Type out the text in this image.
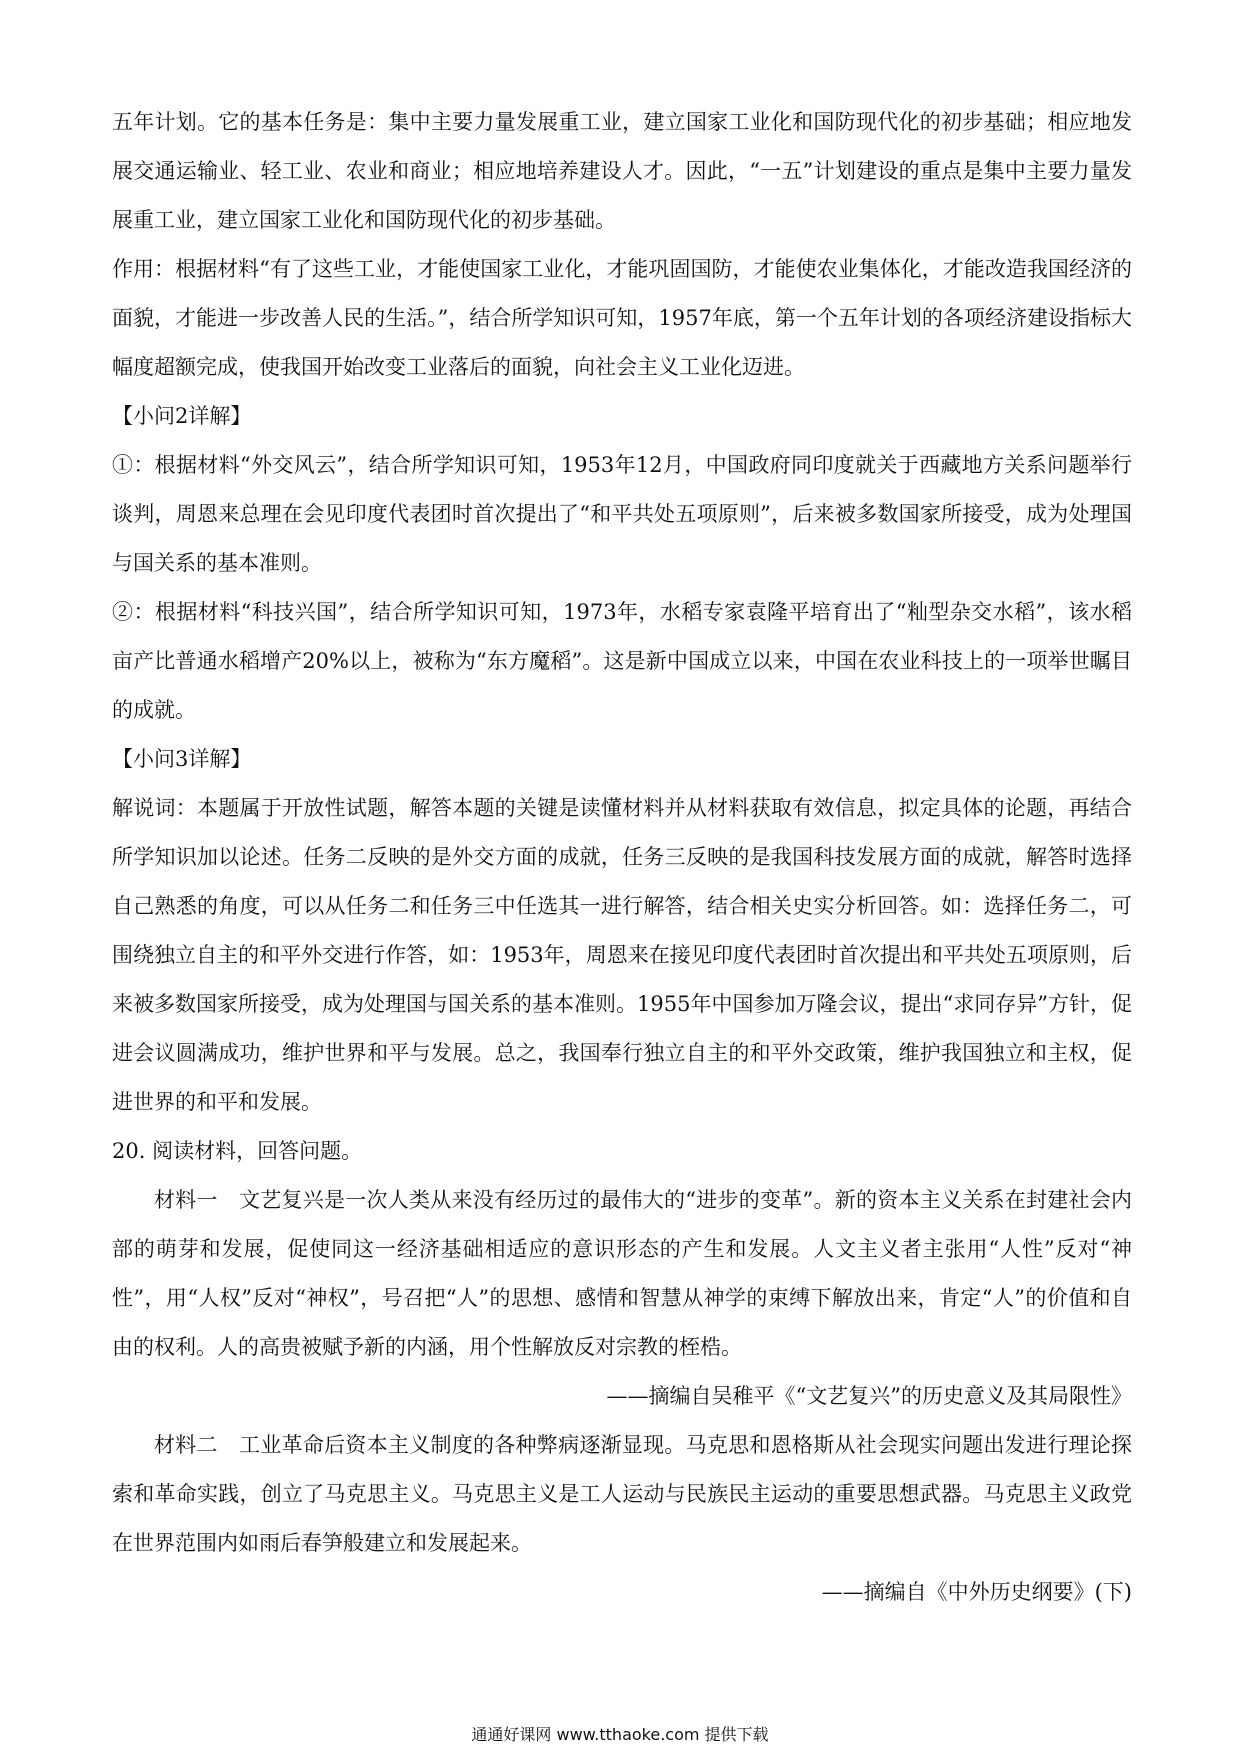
五年计划。它的基本任务是：集中主要力量发展重工业，建立国家工业化和国防现代化的初步基础；相应地发展交通运输业、轻工业、农业和商业；相应地培养建设人才。因此，“一五”计划建设的重点是集中主要力量发展重工业，建立国家工业化和国防现代化的初步基础。

作用：根据材料“有了这些工业，才能使国家工业化，才能巩固国防，才能使农业集体化，才能改造我国经济的面貌，才能进一步改善人民的生活。”，结合所学知识可知，1957年底，第一个五年计划的各项经济建设指标大幅度超额完成，使我国开始改变工业落后的面貌，向社会主义工业化迈进。

【小问2详解】

①：根据材料“外交风云”，结合所学知识可知，1953年12月，中国政府同印度就关于西藏地方关系问题举行谈判，周恩来总理在会见印度代表团时首次提出了“和平共处五项原则”，后来被多数国家所接受，成为处理国与国关系的基本准则。

②：根据材料“科技兴国”，结合所学知识可知，1973年，水稻专家袁隆平培育出了“籼型杂交水稻”，该水稻亩产比普通水稻增产20%以上，被称为“东方魔稻”。这是新中国成立以来，中国在农业科技上的一项举世瞩目的成就。

【小问3详解】

解说词：本题属于开放性试题，解答本题的关键是读懂材料并从材料获取有效信息，拟定具体的论题，再结合所学知识加以论述。任务二反映的是外交方面的成就，任务三反映的是我国科技发展方面的成就，解答时选择自己熟悉的角度，可以从任务二和任务三中任选其一进行解答，结合相关史实分析回答。如：选择任务二，可围绕独立自主的和平外交进行作答，如：1953年，周恩来在接见印度代表团时首次提出和平共处五项原则，后来被多数国家所接受，成为处理国与国关系的基本准则。1955年中国参加万隆会议，提出“求同存异”方针，促进会议圆满成功，维护世界和平与发展。总之，我国奉行独立自主的和平外交政策，维护我国独立和主权，促进世界的和平和发展。

20. 阅读材料，回答问题。

材料一　文艺复兴是一次人类从来没有经历过的最伟大的“进步的变革”。新的资本主义关系在封建社会内部的萌芽和发展，促使同这一经济基础相适应的意识形态的产生和发展。人文主义者主张用“人性”反对“神性”，用“人权”反对“神权”，号召把“人”的思想、感情和智慧从神学的束缚下解放出来，肯定“人”的价值和自由的权利。人的高贵被赋予新的内涵，用个性解放反对宗教的桎梏。

——摘编自吴稚平《“文艺复兴”的历史意义及其局限性》

材料二　工业革命后资本主义制度的各种弊病逐渐显现。马克思和恩格斯从社会现实问题出发进行理论探索和革命实践，创立了马克思主义。马克思主义是工人运动与民族民主运动的重要思想武器。马克思主义政党在世界范围内如雨后春笋般建立和发展起来。

——摘编自《中外历史纲要》(下)

通通好课网 www.tthaoke.com 提供下载
